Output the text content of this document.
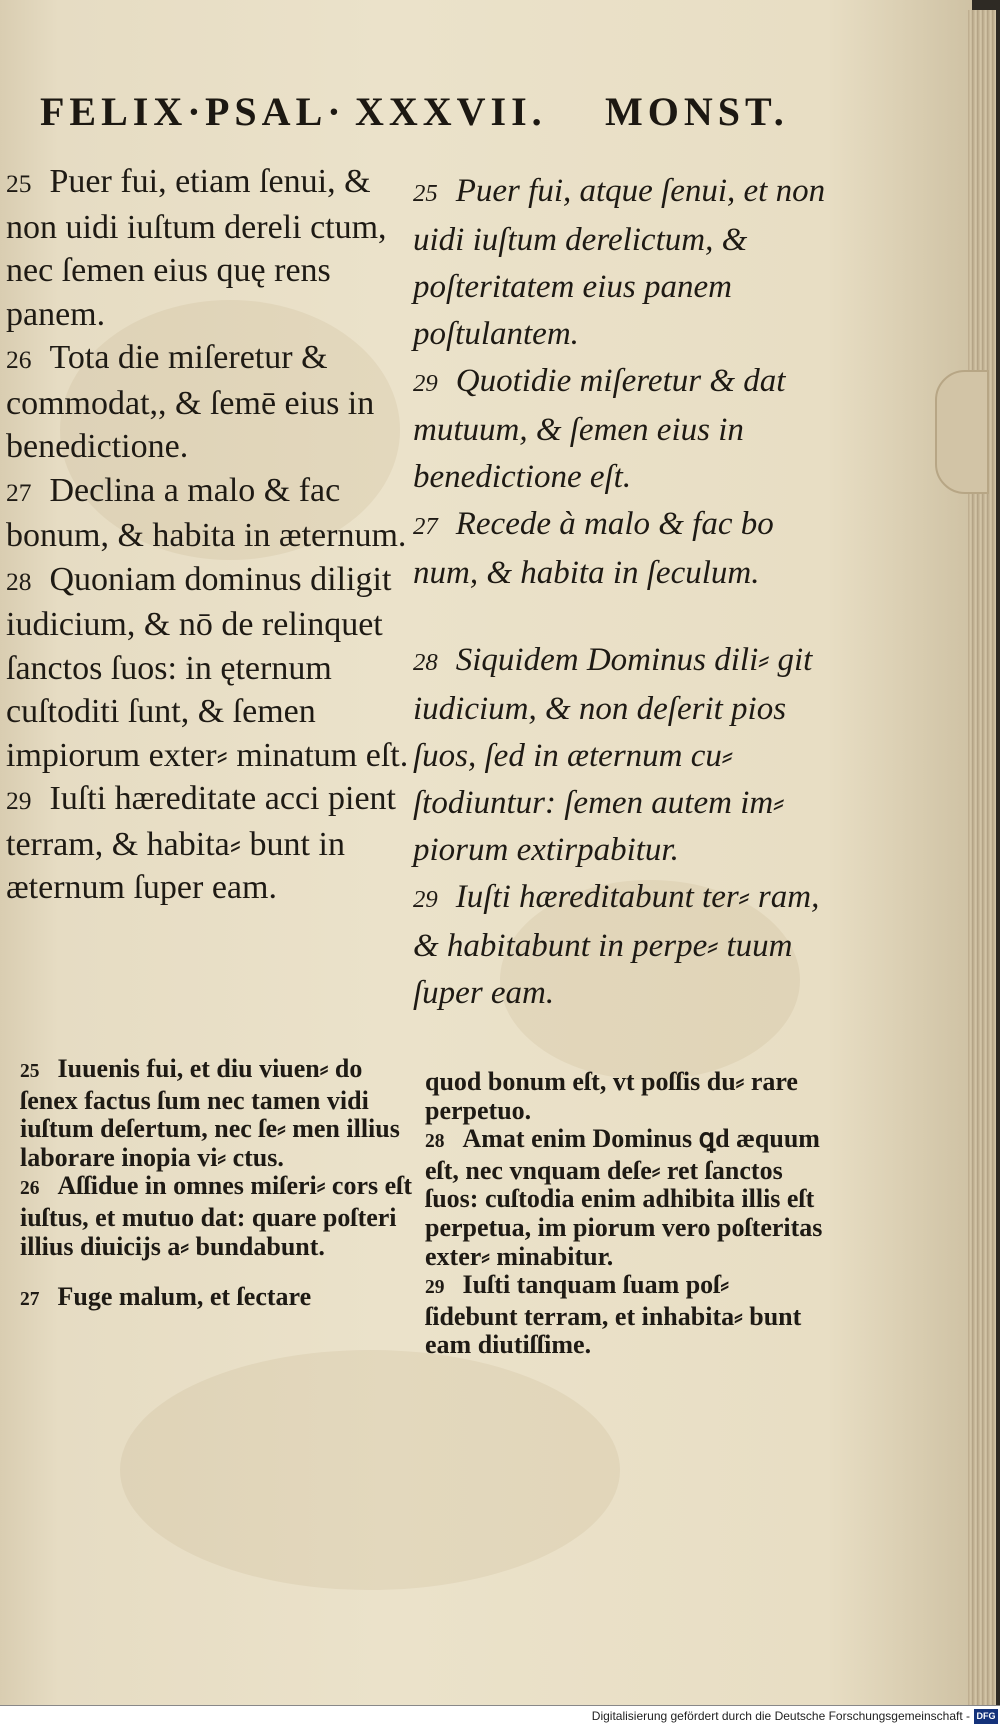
FELIX· PSAL· XXXVII. MONST.

25 Puer fui, etiam ſenui, & non uidi iuſtum dereli ctum, nec ſemen eius quę rens panem.

26 Tota die miſeretur & commodat,, & ſemē eius in benedictione.

27 Declina a malo & fac bonum, & habita in æternum.

28 Quoniam dominus diligit iudicium, & nō de relinquet ſanctos ſuos: in ęternum cuſtoditi ſunt, & ſemen impiorum exter⸗ minatum eſt.

29 Iuſti hæreditate acci pient terram, & habita⸗ bunt in æternum ſuper eam.

25 Puer fui, atque ſenui, et non uidi iuſtum derelictum, & poſteritatem eius panem poſtulantem.

29 Quotidie miſeretur & dat mutuum, & ſemen eius in benedictione eſt.

27 Recede à malo & fac bo num, & habita in ſeculum.

28 Siquidem Dominus dili⸗ git iudicium, & non deſerit pios ſuos, ſed in æternum cu⸗ ſtodiuntur: ſemen autem im⸗ piorum extirpabitur.

29 Iuſti hæreditabunt ter⸗ ram, & habitabunt in perpe⸗ tuum ſuper eam.

25 Iuuenis fui, et diu viuen⸗ do ſenex factus ſum nec tamen vidi iuſtum deſertum, nec ſe⸗ men illius laborare inopia vi⸗ ctus.

26 Aſſidue in omnes miſeri⸗ cors eſt iuſtus, et mutuo dat: quare poſteri illius diuicijs a⸗ bundabunt.

27 Fuge malum, et ſectare

quod bonum eſt, vt poſſis du⸗ rare perpetuo.

28 Amat enim Dominus ꝗd æquum eſt, nec vnquam deſe⸗ ret ſanctos ſuos: cuſtodia enim adhibita illis eſt perpetua, im piorum vero poſteritas exter⸗ minabitur.

29 Iuſti tanquam ſuam poſ⸗ ſidebunt terram, et inhabita⸗ bunt eam diutiſſime.

Digitalisierung gefördert durch die Deutsche Forschungsgemeinschaft - DFG
